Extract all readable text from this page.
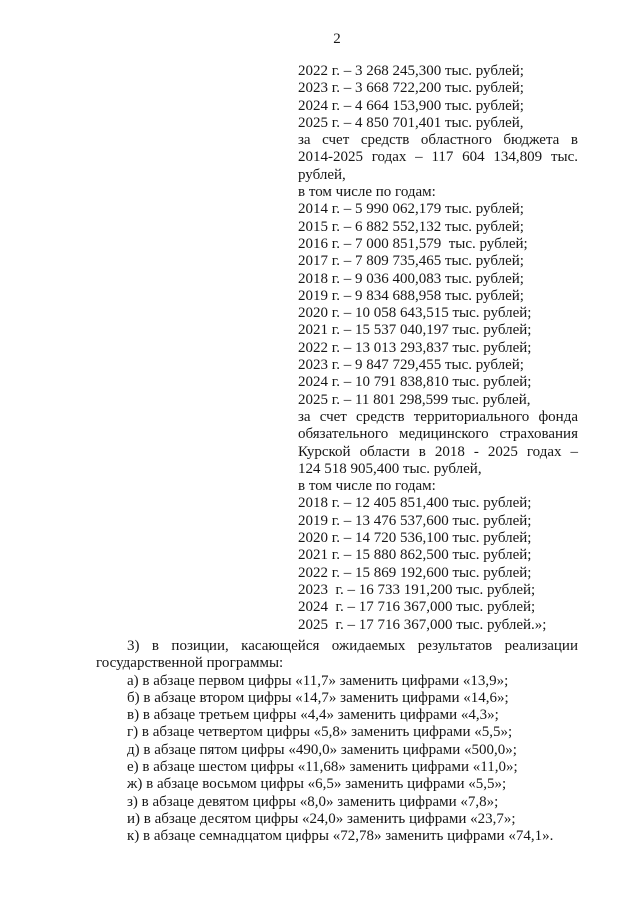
2
2022 г. – 3 268 245,300 тыс. рублей;
2023 г. – 3 668 722,200 тыс. рублей;
2024 г. – 4 664 153,900 тыс. рублей;
2025 г. – 4 850 701,401 тыс. рублей,
за счет средств областного бюджета в
2014-2025 годах – 117 604 134,809 тыс.
рублей,
в том числе по годам:
2014 г. – 5 990 062,179 тыс. рублей;
2015 г. – 6 882 552,132 тыс. рублей;
2016 г. – 7 000 851,579  тыс. рублей;
2017 г. – 7 809 735,465 тыс. рублей;
2018 г. – 9 036 400,083 тыс. рублей;
2019 г. – 9 834 688,958 тыс. рублей;
2020 г. – 10 058 643,515 тыс. рублей;
2021 г. – 15 537 040,197 тыс. рублей;
2022 г. – 13 013 293,837 тыс. рублей;
2023 г. – 9 847 729,455 тыс. рублей;
2024 г. – 10 791 838,810 тыс. рублей;
2025 г. – 11 801 298,599 тыс. рублей,
за счет средств территориального фонда
обязательного медицинского страхования
Курской области в 2018 - 2025 годах –
124 518 905,400 тыс. рублей,
в том числе по годам:
2018 г. – 12 405 851,400 тыс. рублей;
2019 г. – 13 476 537,600 тыс. рублей;
2020 г. – 14 720 536,100 тыс. рублей;
2021 г. – 15 880 862,500 тыс. рублей;
2022 г. – 15 869 192,600 тыс. рублей;
2023  г. – 16 733 191,200 тыс. рублей;
2024  г. – 17 716 367,000 тыс. рублей;
2025  г. – 17 716 367,000 тыс. рублей.»;
3) в позиции, касающейся ожидаемых результатов реализации
государственной программы:
а) в абзаце первом цифры «11,7» заменить цифрами «13,9»;
б) в абзаце втором цифры «14,7» заменить цифрами «14,6»;
в) в абзаце третьем цифры «4,4» заменить цифрами «4,3»;
г) в абзаце четвертом цифры «5,8» заменить цифрами «5,5»;
д) в абзаце пятом цифры «490,0» заменить цифрами «500,0»;
е) в абзаце шестом цифры «11,68» заменить цифрами «11,0»;
ж) в абзаце восьмом цифры «6,5» заменить цифрами «5,5»;
з) в абзаце девятом цифры «8,0» заменить цифрами «7,8»;
и) в абзаце десятом цифры «24,0» заменить цифрами «23,7»;
к) в абзаце семнадцатом цифры «72,78» заменить цифрами «74,1».
